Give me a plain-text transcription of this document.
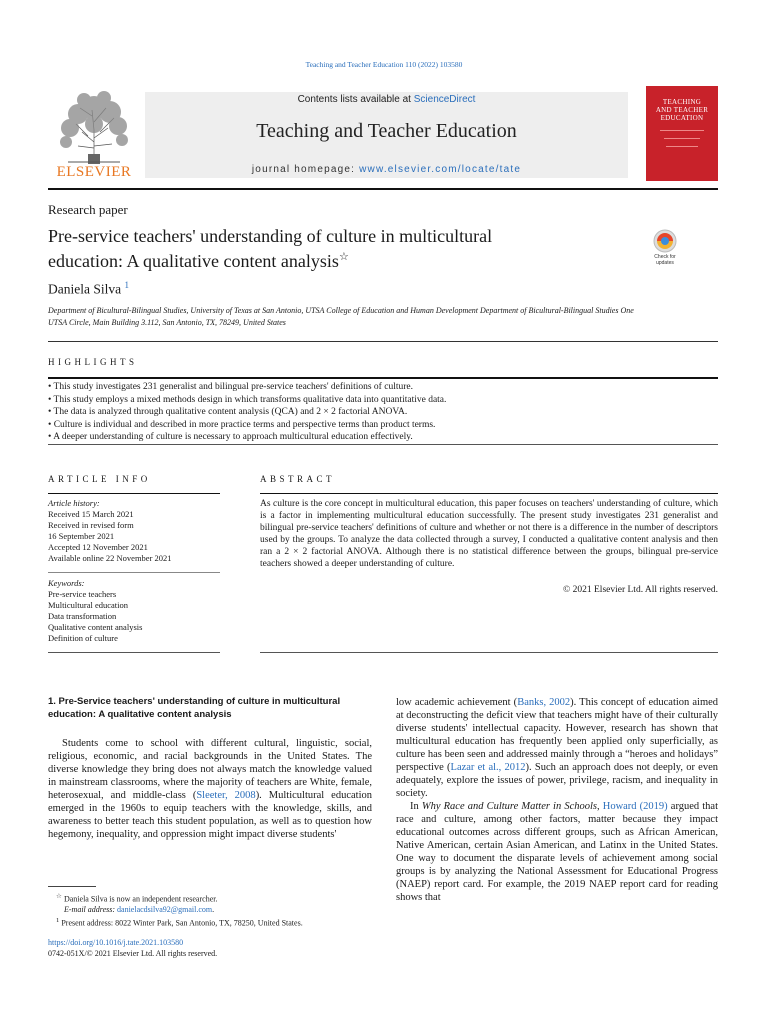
Teaching and Teacher Education 110 (2022) 103580
ELSEVIER
Contents lists available at ScienceDirect
Teaching and Teacher Education
journal homepage: www.elsevier.com/locate/tate
TEACHING
AND TEACHER
EDUCATION
Research paper
Pre-service teachers' understanding of culture in multicultural
education: A qualitative content analysis☆	Check for updates
Daniela Silva $^1$
Department of Bicultural-Bilingual Studies, University of Texas at San Antonio, UTSA College of Education and Human Development Department of Bicultural-Bilingual Studies One UTSA Circle, Main Building 3.112, San Antonio, TX, 78249, United States
HIGHLIGHTS
• This study investigates 231 generalist and bilingual pre-service teachers' definitions of culture.
• This study employs a mixed methods design in which transforms qualitative data into quantitative data.
• The data is analyzed through qualitative content analysis (QCA) and 2 × 2 factorial ANOVA.
• Culture is individual and described in more practice terms and perspective terms than product terms.
• A deeper understanding of culture is necessary to approach multicultural education effectively.
ARTICLE INFO
Article history:
Received 15 March 2021
Received in revised form
16 September 2021
Accepted 12 November 2021
Available online 22 November 2021
Keywords:
Pre-service teachers
Multicultural education
Data transformation
Qualitative content analysis
Definition of culture
ABSTRACT
As culture is the core concept in multicultural education, this paper focuses on teachers' understanding of culture, which is a factor in implementing multicultural education successfully. The present study investigates 231 generalist and bilingual pre-service teachers' definitions of culture and whether or not there is a difference in the number of descriptors used by the groups. To analyze the data collected through a survey, I conducted a qualitative content analysis and then ran a 2 × 2 factorial ANOVA. Although there is no statistical difference between the groups, bilingual pre-service teachers showed a deeper understanding of culture.
© 2021 Elsevier Ltd. All rights reserved.
1. Pre-Service teachers' understanding of culture in multicultural education: A qualitative content analysis

Students come to school with different cultural, linguistic, social, religious, economic, and racial backgrounds in the United States. The diverse knowledge they bring does not always match the knowledge valued in mainstream classrooms, where the majority of teachers are White, female, heterosexual, and middle-class (Sleeter, 2008). Multicultural education emerged in the 1960s to equip teachers with the knowledge, skills, and awareness to better teach this student population, as well as to question how hegemony, inequality, and oppression might impact diverse students'

low academic achievement (Banks, 2002). This concept of education aimed at deconstructing the deficit view that teachers might have of their culturally diverse students' intellectual capacity. However, research has shown that multicultural education has frequently been applied only superficially, as culture has been seen and addressed mainly through a “heroes and holidays” perspective (Lazar et al., 2012). Such an approach does not deeply, or even adequately, explore the issues of power, privilege, racism, and inequality in society.

In Why Race and Culture Matter in Schools, Howard (2019) argued that race and culture, among other factors, matter because they impact educational outcomes across different groups, such as African American, Native American, certain Asian American, and Latinx in the United States. One way to document the disparate levels of achievement among social groups is by analyzing the National Assessment for Educational Progress (NAEP) report card. For example, the 2019 NAEP report card for reading shows that

☆ Daniela Silva is now an independent researcher.
E-mail address: danielacdsilva92@gmail.com.
$^1$ Present address: 8022 Winter Park, San Antonio, TX, 78250, United States.
https://doi.org/10.1016/j.tate.2021.103580
0742-051X/© 2021 Elsevier Ltd. All rights reserved.
